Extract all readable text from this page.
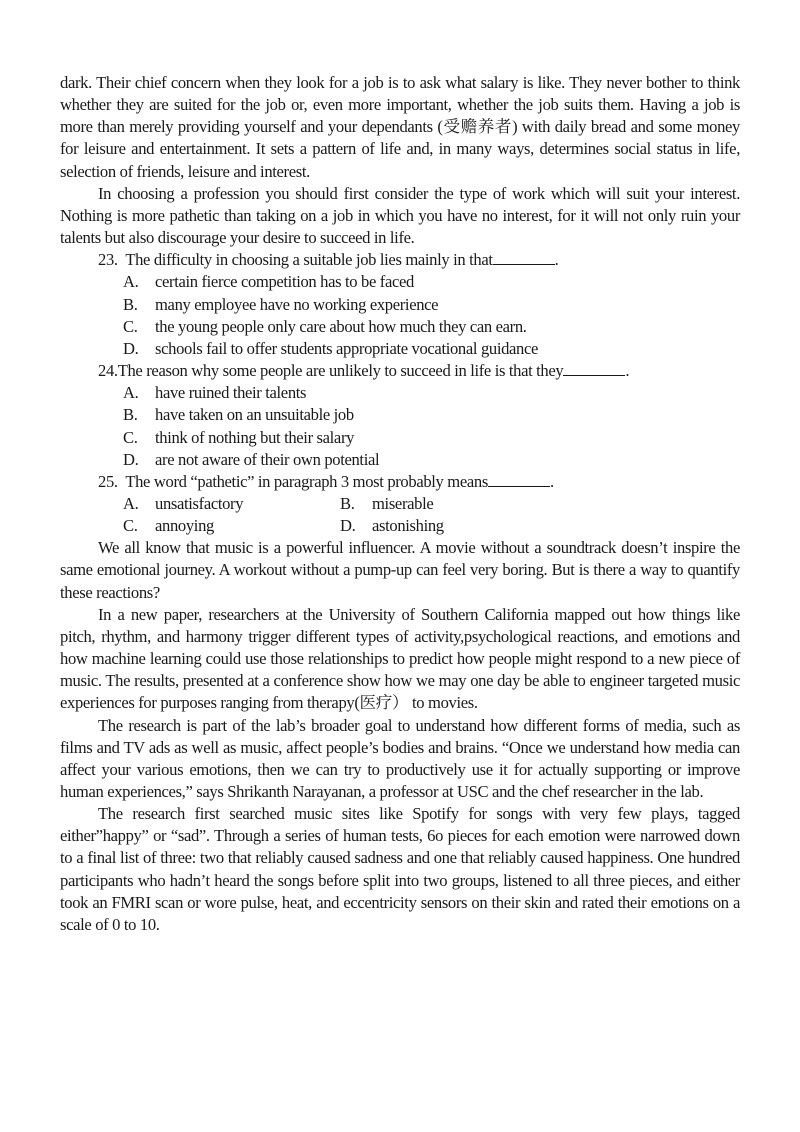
dark. Their chief concern when they look for a job is to ask what salary is like. They never bother to think whether they are suited for the job or, even more important, whether the job suits them. Having a job is more than merely providing yourself and your dependants (受赡养者) with daily bread and some money for leisure and entertainment. It sets a pattern of life and, in many ways, determines social status in life, selection of friends, leisure and interest.

In choosing a profession you should first consider the type of work which will suit your interest. Nothing is more pathetic than taking on a job in which you have no interest, for it will not only ruin your talents but also discourage your desire to succeed in life.

23. The difficulty in choosing a suitable job lies mainly in that	.

A. certain fierce competition has to be faced

B.	many employee have no working experience

C.	the young people only care about how much they can earn.

D. schools fail to offer students appropriate vocational guidance

24.The reason why some people are unlikely to succeed in life is that they	.

A. have ruined their talents

B.	have taken on an unsuitable job

C.	think of nothing but their salary

D. are not aware of their own potential

25. The word “pathetic” in paragraph 3 most probably means	.

A. unsatisfactory	B.	miserable

C.	annoying	D. astonishing

We all know that music is a powerful influencer. A movie without a soundtrack doesn’t inspire the same emotional journey. A workout without a pump-up can feel very boring. But is there a way to quantify these reactions?

In a new paper, researchers at the University of Southern California mapped out how things like pitch, rhythm, and harmony trigger different types of activity,psychological reactions, and emotions and how machine learning could use those relationships to predict how people might respond to a new piece of music. The results, presented at a conference show how we may one day be able to engineer targeted music experiences for purposes ranging from therapy(医疗） to movies.

The research is part of the lab’s broader goal to understand how different forms of media, such as films and TV ads as well as music, affect people’s bodies and brains. “Once we understand how media can affect your various emotions, then we can try to productively use it for actually supporting or improve human experiences,” says Shrikanth Narayanan, a professor at USC and the chef researcher in the lab.

The research first searched music sites like Spotify for songs with very few plays, tagged either”happy” or “sad”. Through a series of human tests, 6o pieces for each emotion were narrowed down to a final list of three: two that reliably caused sadness and one that reliably caused happiness. One hundred participants who hadn’t heard the songs before split into two groups, listened to all three pieces, and either took an FMRI scan or wore pulse, heat, and eccentricity sensors on their skin and rated their emotions on a scale of 0 to 10.
